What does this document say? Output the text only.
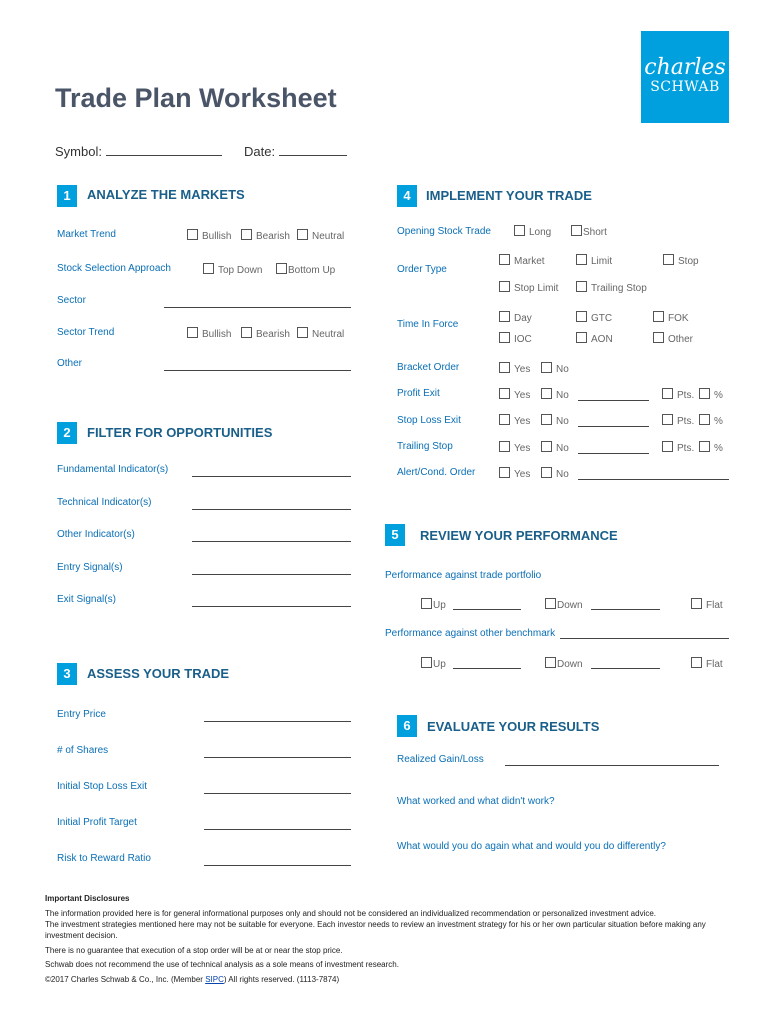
Trade Plan Worksheet
charles
SCHWAB
Symbol:	Date:
1	ANALYZE THE MARKETS
Market Trend	Bullish	Bearish	Neutral
Stock Selection Approach	Top Down	Bottom Up
Sector
Sector Trend	Bullish	Bearish	Neutral
Other
2	FILTER FOR OPPORTUNITIES
Fundamental Indicator(s)
Technical Indicator(s)
Other Indicator(s)
Entry Signal(s)
Exit Signal(s)
3	ASSESS YOUR TRADE
Entry Price
# of Shares
Initial Stop Loss Exit
Initial Profit Target
Risk to Reward Ratio
4	IMPLEMENT YOUR TRADE
Opening Stock Trade	Long	Short
Order Type
Market	Limit	Stop
Stop Limit	Trailing Stop
Time In Force
Day	GTC	FOK
IOC	AON	Other
Bracket Order	Yes	No
Profit Exit	Yes	No	Pts.	%
Stop Loss Exit	Yes	No	Pts.	%
Trailing Stop	Yes	No	Pts.	%
Alert/Cond. Order	Yes	No
5	REVIEW YOUR PERFORMANCE
Performance against trade portfolio
Up	Down	Flat
Performance against other benchmark
Up	Down	Flat
6	EVALUATE YOUR RESULTS
Realized Gain/Loss
What worked and what didn't work?
What would you do again what and would you do differently?
Important Disclosures
The information provided here is for general informational purposes only and should not be considered an individualized recommendation or personalized investment advice.
The investment strategies mentioned here may not be suitable for everyone. Each investor needs to review an investment strategy for his or her own particular situation before making any investment decision.
There is no guarantee that execution of a stop order will be at or near the stop price.
Schwab does not recommend the use of technical analysis as a sole means of investment research.
©2017 Charles Schwab & Co., Inc. (Member SIPC) All rights reserved. (1113-7874)
